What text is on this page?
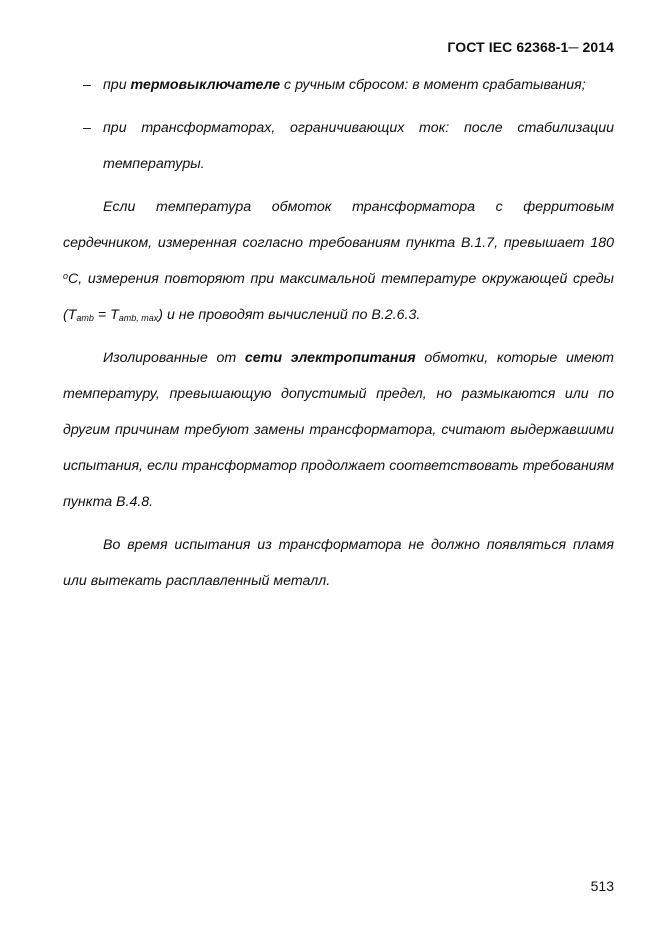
ГОСТ IEC 62368-1─ 2014
– при термовыключателе с ручным сбросом: в момент срабатывания;
– при трансформаторах, ограничивающих ток: после стабилизации температуры.

Если температура обмоток трансформатора с ферритовым сердечником, измеренная согласно требованиям пункта В.1.7, превышает 180 $^о$С, измерения повторяют при максимальной температуре окружающей среды $(T_{amb} = T_{amb, max})$ и не проводят вычислений по В.2.6.3.

Изолированные от сети электропитания обмотки, которые имеют температуру, превышающую допустимый предел, но размыкаются или по другим причинам требуют замены трансформатора, считают выдержавшими испытания, если трансформатор продолжает соответствовать требованиям пункта В.4.8.

Во время испытания из трансформатора не должно появляться пламя или вытекать расплавленный металл.

513
